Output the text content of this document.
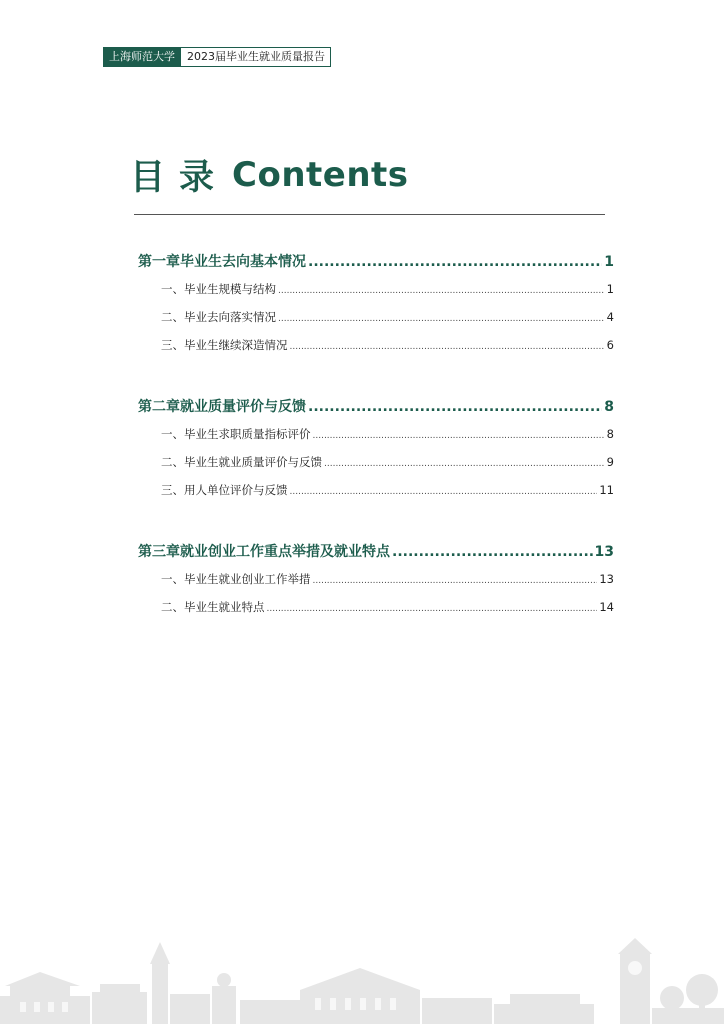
上海师范大学	2023届毕业生就业质量报告
目录 Contents
第一章 毕业生去向基本情况 .....	1
一、毕业生规模与结构 .....	1
二、毕业去向落实情况 .....	4
三、毕业生继续深造情况 .....	6
第二章 就业质量评价与反馈 .....	8
一、毕业生求职质量指标评价 .....	8
二、毕业生就业质量评价与反馈 .....	9
三、用人单位评价与反馈 .....	11
第三章 就业创业工作重点举措及就业特点 .....	13
一、毕业生就业创业工作举措 .....	13
二、毕业生就业特点 .....	14
